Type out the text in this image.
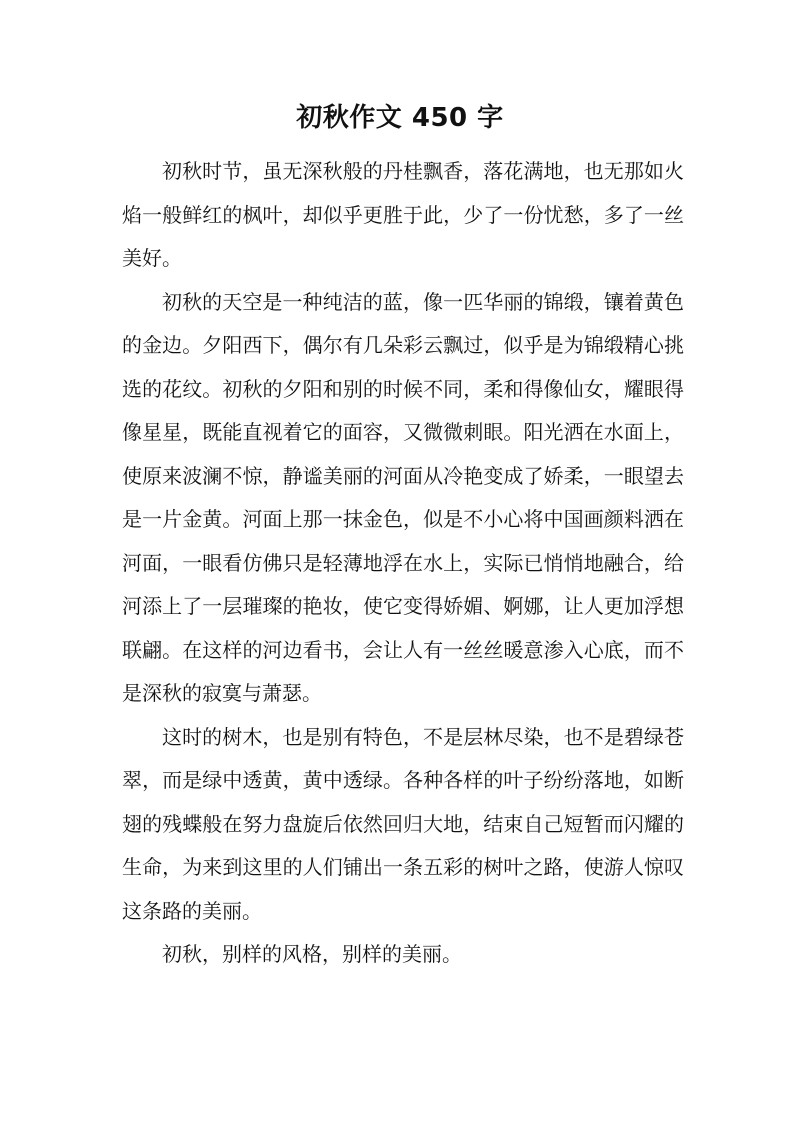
初秋作文 450 字

初秋时节，虽无深秋般的丹桂飘香，落花满地，也无那如火焰一般鲜红的枫叶，却似乎更胜于此，少了一份忧愁，多了一丝美好。

初秋的天空是一种纯洁的蓝，像一匹华丽的锦缎，镶着黄色的金边。夕阳西下，偶尔有几朵彩云飘过，似乎是为锦缎精心挑选的花纹。初秋的夕阳和别的时候不同，柔和得像仙女，耀眼得像星星，既能直视着它的面容，又微微刺眼。阳光洒在水面上，使原来波澜不惊，静谧美丽的河面从冷艳变成了娇柔，一眼望去是一片金黄。河面上那一抹金色，似是不小心将中国画颜料洒在河面，一眼看仿佛只是轻薄地浮在水上，实际已悄悄地融合，给河添上了一层璀璨的艳妆，使它变得娇媚、婀娜，让人更加浮想联翩。在这样的河边看书，会让人有一丝丝暖意渗入心底，而不是深秋的寂寞与萧瑟。

这时的树木，也是别有特色，不是层林尽染，也不是碧绿苍翠，而是绿中透黄，黄中透绿。各种各样的叶子纷纷落地，如断翅的残蝶般在努力盘旋后依然回归大地，结束自己短暂而闪耀的生命，为来到这里的人们铺出一条五彩的树叶之路，使游人惊叹这条路的美丽。

初秋，别样的风格，别样的美丽。
